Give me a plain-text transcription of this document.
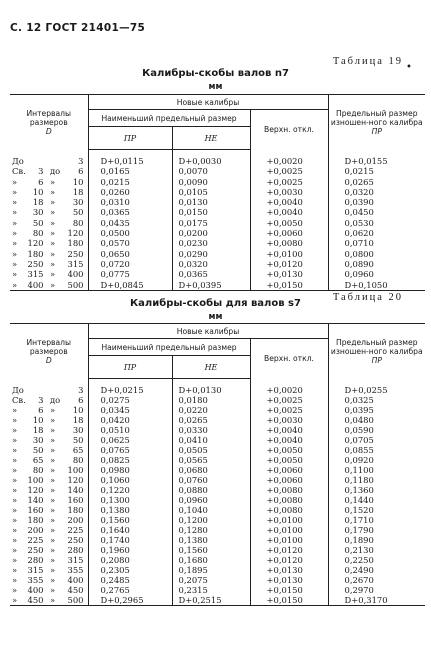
С. 12 ГОСТ 21401—75
•
Таблица 19
Калибры-скобы валов n7
мм
Интервалы размеров
D	Новые калибры			Предельный размер изношен-ного калибра
ПР
	Наименьший предельный размер		Верхн. откл.	
	ПР	НЕ		

До 3	D+0,0115	D+0,0030	+0,0020	D+0,0155

Св. 3 до 6	0,0165	0,0070	+0,0025	0,0215

» 6 » 10	0,0215	0,0090	+0,0025	0,0265

» 10 » 18	0,0260	0,0105	+0,0030	0,0320

» 18 » 30	0,0310	0,0130	+0,0040	0,0390

» 30 » 50	0,0365	0,0150	+0,0040	0,0450

» 50 » 80	0,0435	0,0175	+0,0050	0,0530

» 80 » 120	0,0500	0,0200	+0,0060	0,0620

» 120 » 180	0,0570	0,0230	+0,0080	0,0710

» 180 » 250	0,0650	0,0290	+0,0100	0,0800

» 250 » 315	0,0720	0,0320	+0,0120	0,0890

» 315 » 400	0,0775	0,0365	+0,0130	0,0960

» 400 » 500	D+0,0845	D+0,0395	+0,0150	D+0,1050
Таблица 20
Калибры-скобы для валов s7
мм
Интервалы размеров
D	Новые калибры			Предельный размер изношен-ного калибра
ПР
	Наименьший предельный размер		Верхн. откл.	
	ПР	НЕ		

До 3	D+0,0215	D+0,0130	+0,0020	D+0,0255

Св. 3 до 6	0,0275	0,0180	+0,0025	0,0325

» 6 » 10	0,0345	0,0220	+0,0025	0,0395

» 10 » 18	0,0420	0,0265	+0,0030	0,0480

» 18 » 30	0,0510	0,0330	+0,0040	0,0590

» 30 » 50	0,0625	0,0410	+0,0040	0,0705

» 50 » 65	0,0765	0,0505	+0,0050	0,0855

» 65 » 80	0,0825	0,0565	+0,0050	0,0920

» 80 » 100	0,0980	0,0680	+0,0060	0,1100

» 100 » 120	0,1060	0,0760	+0,0060	0,1180

» 120 » 140	0,1220	0,0880	+0,0080	0,1360

» 140 » 160	0,1300	0,0960	+0,0080	0,1440

» 160 » 180	0,1380	0,1040	+0,0080	0,1520

» 180 » 200	0,1560	0,1200	+0,0100	0,1710

» 200 » 225	0,1640	0,1280	+0,0100	0,1790

» 225 » 250	0,1740	0,1380	+0,0100	0,1890

» 250 » 280	0,1960	0,1560	+0,0120	0,2130

» 280 » 315	0,2080	0,1680	+0,0120	0,2250

» 315 » 355	0,2305	0,1895	+0,0130	0,2490

» 355 » 400	0,2485	0,2075	+0,0130	0,2670

» 400 » 450	0,2765	0,2315	+0,0150	0,2970

» 450 » 500	D+0,2965	D+0,2515	+0,0150	D+0,3170
